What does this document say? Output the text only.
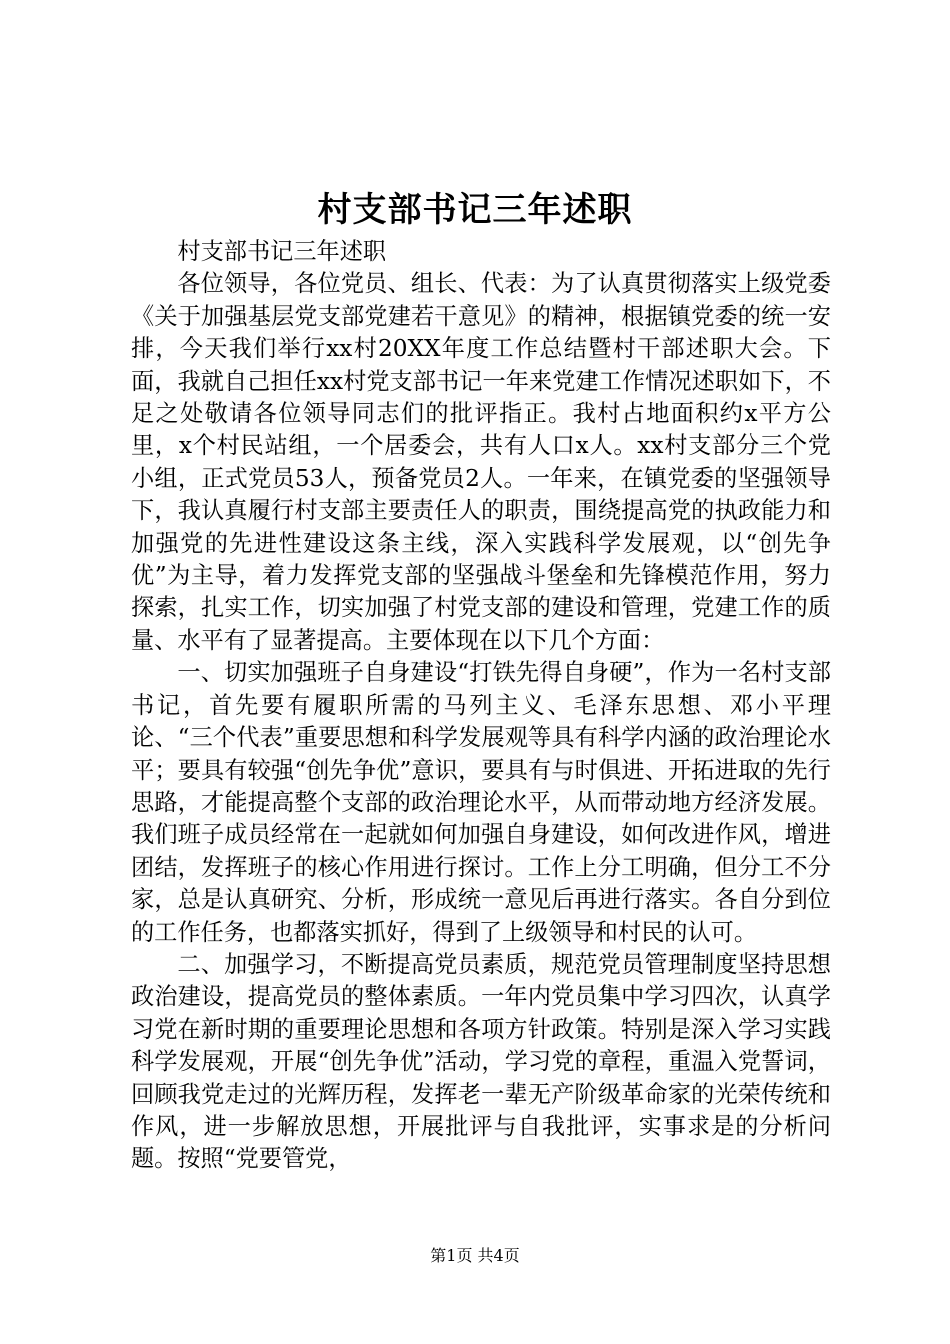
村支部书记三年述职

村支部书记三年述职

各位领导，各位党员、组长、代表：为了认真贯彻落实上级党委《关于加强基层党支部党建若干意见》的精神，根据镇党委的统一安排，今天我们举行xx村20XX年度工作总结暨村干部述职大会。下面，我就自己担任xx村党支部书记一年来党建工作情况述职如下，不足之处敬请各位领导同志们的批评指正。我村占地面积约x平方公里，x个村民站组，一个居委会，共有人口x人。xx村支部分三个党小组，正式党员53人，预备党员2人。一年来，在镇党委的坚强领导下，我认真履行村支部主要责任人的职责，围绕提高党的执政能力和加强党的先进性建设这条主线，深入实践科学发展观，以“创先争优”为主导，着力发挥党支部的坚强战斗堡垒和先锋模范作用，努力探索，扎实工作，切实加强了村党支部的建设和管理，党建工作的质量、水平有了显著提高。主要体现在以下几个方面：

一、切实加强班子自身建设“打铁先得自身硬”，作为一名村支部书记，首先要有履职所需的马列主义、毛泽东思想、邓小平理论、“三个代表”重要思想和科学发展观等具有科学内涵的政治理论水平；要具有较强“创先争优”意识，要具有与时俱进、开拓进取的先行思路，才能提高整个支部的政治理论水平，从而带动地方经济发展。我们班子成员经常在一起就如何加强自身建设，如何改进作风，增进团结，发挥班子的核心作用进行探讨。工作上分工明确，但分工不分家，总是认真研究、分析，形成统一意见后再进行落实。各自分到位的工作任务，也都落实抓好，得到了上级领导和村民的认可。

二、加强学习，不断提高党员素质，规范党员管理制度坚持思想政治建设，提高党员的整体素质。一年内党员集中学习四次，认真学习党在新时期的重要理论思想和各项方针政策。特别是深入学习实践科学发展观，开展“创先争优”活动，学习党的章程，重温入党誓词，回顾我党走过的光辉历程，发挥老一辈无产阶级革命家的光荣传统和作风，进一步解放思想，开展批评与自我批评，实事求是的分析问题。按照“党要管党，

第1页 共4页
